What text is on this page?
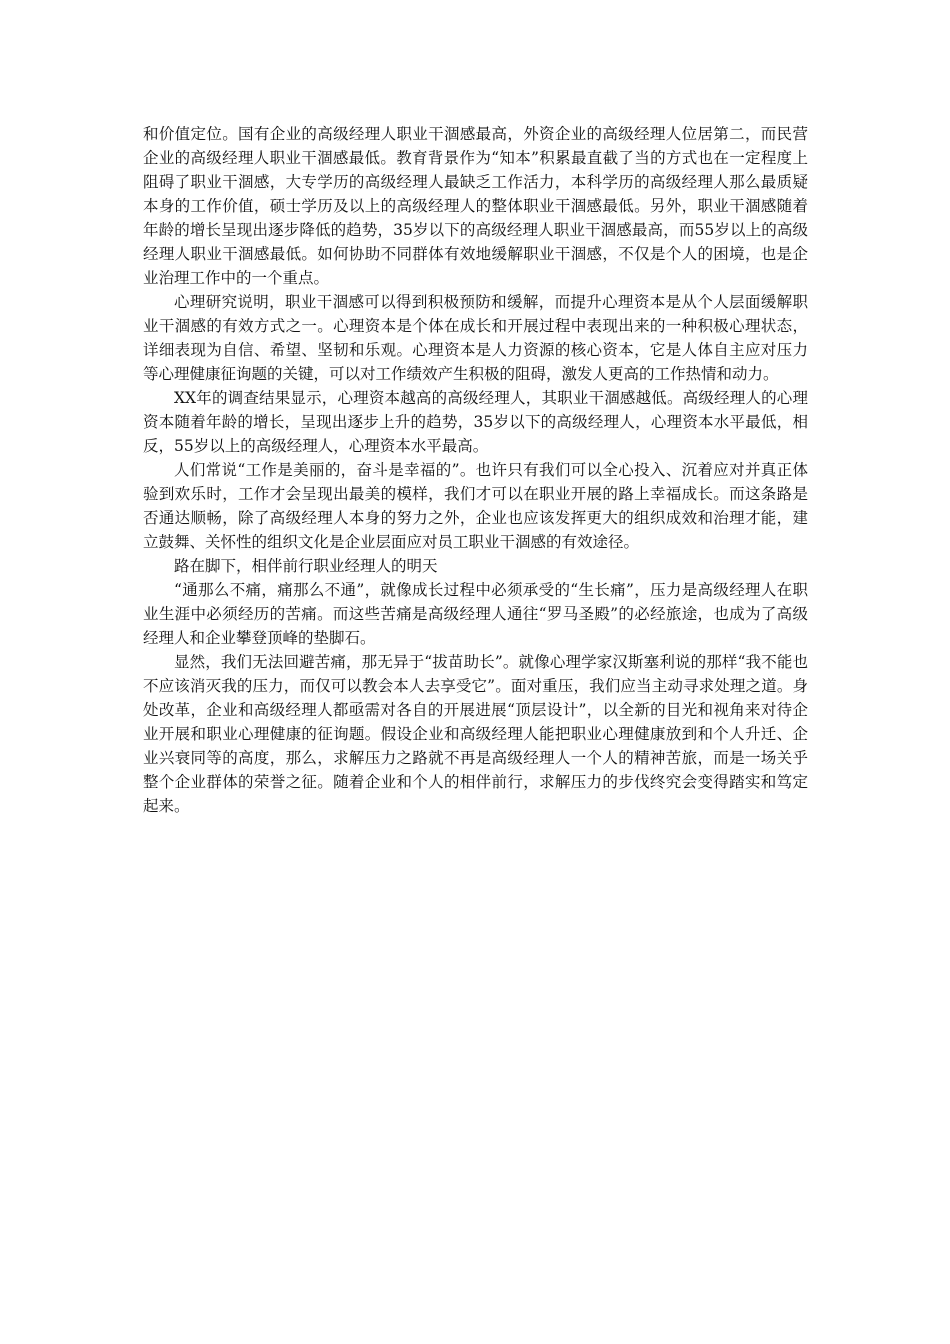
和价值定位。国有企业的高级经理人职业干涸感最高，外资企业的高级经理人位居第二，而民营企业的高级经理人职业干涸感最低。教育背景作为“知本”积累最直截了当的方式也在一定程度上阻碍了职业干涸感，大专学历的高级经理人最缺乏工作活力，本科学历的高级经理人那么最质疑本身的工作价值，硕士学历及以上的高级经理人的整体职业干涸感最低。另外，职业干涸感随着年龄的增长呈现出逐步降低的趋势，35岁以下的高级经理人职业干涸感最高，而55岁以上的高级经理人职业干涸感最低。如何协助不同群体有效地缓解职业干涸感，不仅是个人的困境，也是企业治理工作中的一个重点。

心理研究说明，职业干涸感可以得到积极预防和缓解，而提升心理资本是从个人层面缓解职业干涸感的有效方式之一。心理资本是个体在成长和开展过程中表现出来的一种积极心理状态，详细表现为自信、希望、坚韧和乐观。心理资本是人力资源的核心资本，它是人体自主应对压力等心理健康征询题的关键，可以对工作绩效产生积极的阻碍，激发人更高的工作热情和动力。

XX年的调查结果显示，心理资本越高的高级经理人，其职业干涸感越低。高级经理人的心理资本随着年龄的增长，呈现出逐步上升的趋势，35岁以下的高级经理人，心理资本水平最低，相反，55岁以上的高级经理人，心理资本水平最高。

人们常说“工作是美丽的，奋斗是幸福的”。也许只有我们可以全心投入、沉着应对并真正体验到欢乐时，工作才会呈现出最美的模样，我们才可以在职业开展的路上幸福成长。而这条路是否通达顺畅，除了高级经理人本身的努力之外，企业也应该发挥更大的组织成效和治理才能，建立鼓舞、关怀性的组织文化是企业层面应对员工职业干涸感的有效途径。

路在脚下，相伴前行职业经理人的明天

“通那么不痛，痛那么不通”，就像成长过程中必须承受的“生长痛”，压力是高级经理人在职业生涯中必须经历的苦痛。而这些苦痛是高级经理人通往“罗马圣殿”的必经旅途，也成为了高级经理人和企业攀登顶峰的垫脚石。

显然，我们无法回避苦痛，那无异于“拔苗助长”。就像心理学家汉斯塞利说的那样“我不能也不应该消灭我的压力，而仅可以教会本人去享受它”。面对重压，我们应当主动寻求处理之道。身处改革，企业和高级经理人都亟需对各自的开展进展“顶层设计”，以全新的目光和视角来对待企业开展和职业心理健康的征询题。假设企业和高级经理人能把职业心理健康放到和个人升迁、企业兴衰同等的高度，那么，求解压力之路就不再是高级经理人一个人的精神苦旅，而是一场关乎整个企业群体的荣誉之征。随着企业和个人的相伴前行，求解压力的步伐终究会变得踏实和笃定起来。
